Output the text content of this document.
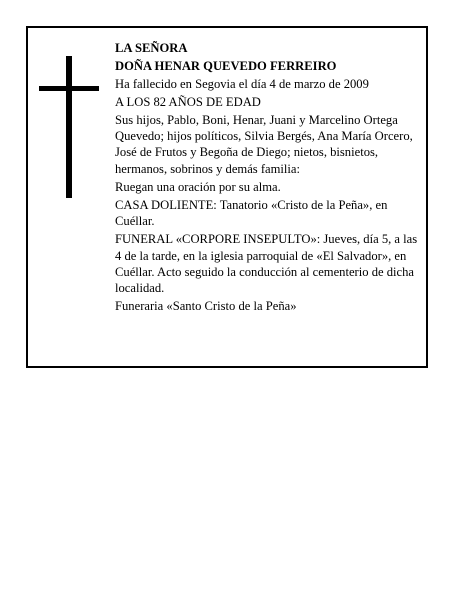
LA SEÑORA
DOÑA HENAR QUEVEDO FERREIRO
Ha fallecido en Segovia el día 4 de marzo de 2009
A LOS 82 AÑOS DE EDAD

Sus hijos, Pablo, Boni, Henar, Juani y Marcelino Ortega Quevedo; hijos políticos, Silvia Bergés, Ana María Orcero, José de Frutos y Begoña de Diego; nietos, bisnietos, hermanos, sobrinos y demás familia:

Ruegan una oración por su alma.

CASA DOLIENTE: Tanatorio «Cristo de la Peña», en Cuéllar.

FUNERAL «CORPORE INSEPULTO»: Jueves, día 5, a las 4 de la tarde, en la iglesia parroquial de «El Salvador», en Cuéllar. Acto seguido la conducción al cementerio de dicha localidad.

Funeraria «Santo Cristo de la Peña»
